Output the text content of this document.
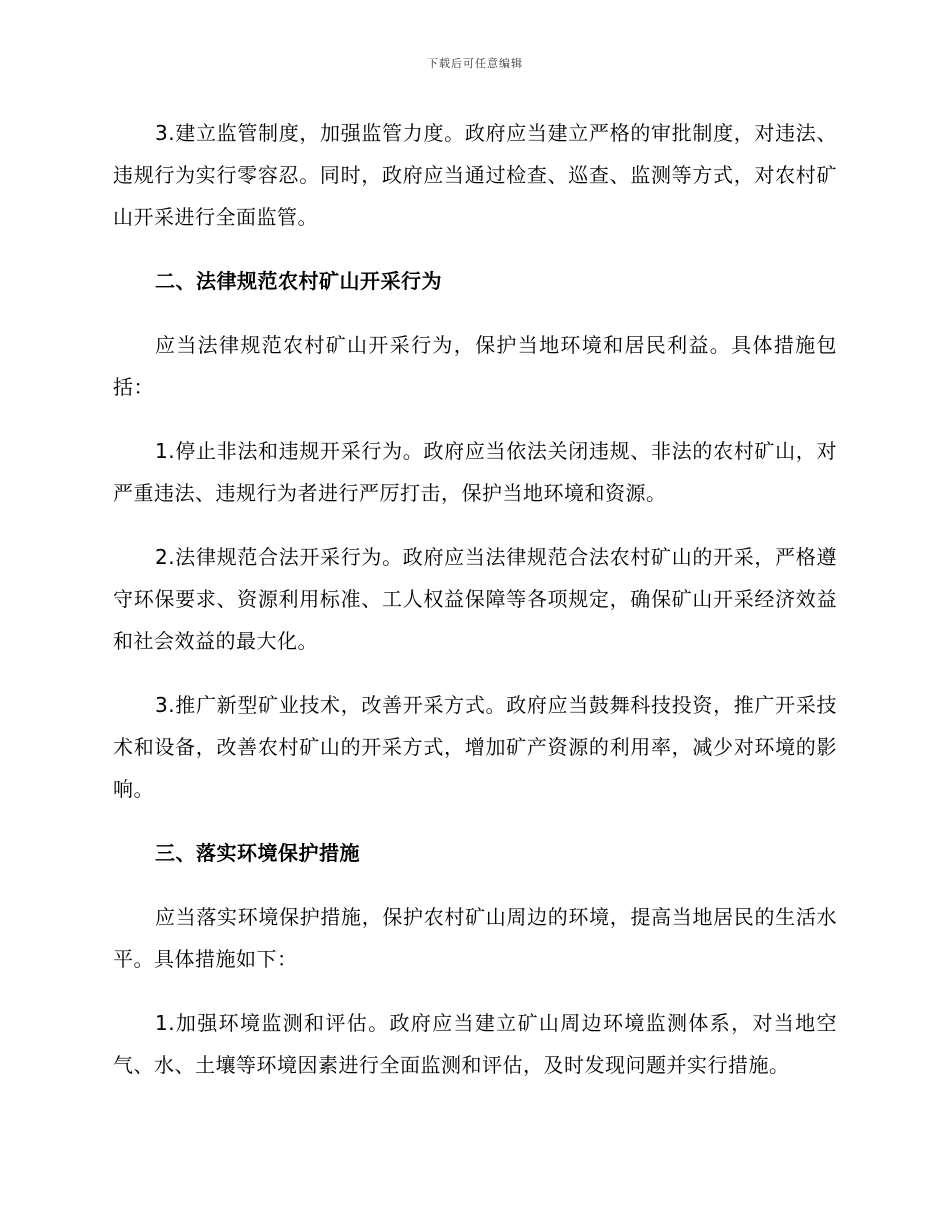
下载后可任意编辑

3.建立监管制度，加强监管力度。政府应当建立严格的审批制度，对违法、违规行为实行零容忍。同时，政府应当通过检查、巡查、监测等方式，对农村矿山开采进行全面监管。

二、法律规范农村矿山开采行为

应当法律规范农村矿山开采行为，保护当地环境和居民利益。具体措施包括：

1.停止非法和违规开采行为。政府应当依法关闭违规、非法的农村矿山，对严重违法、违规行为者进行严厉打击，保护当地环境和资源。

2.法律规范合法开采行为。政府应当法律规范合法农村矿山的开采，严格遵守环保要求、资源利用标准、工人权益保障等各项规定，确保矿山开采经济效益和社会效益的最大化。

3.推广新型矿业技术，改善开采方式。政府应当鼓舞科技投资，推广开采技术和设备，改善农村矿山的开采方式，增加矿产资源的利用率，减少对环境的影响。

三、落实环境保护措施

应当落实环境保护措施，保护农村矿山周边的环境，提高当地居民的生活水平。具体措施如下：

1.加强环境监测和评估。政府应当建立矿山周边环境监测体系，对当地空气、水、土壤等环境因素进行全面监测和评估，及时发现问题并实行措施。
